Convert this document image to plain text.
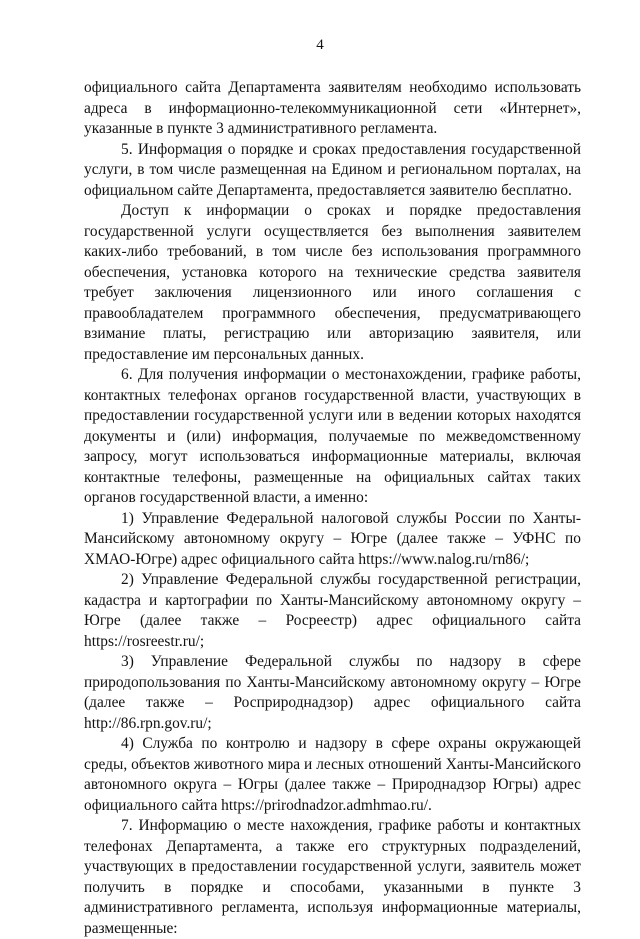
4

официального сайта Департамента заявителям необходимо использовать адреса в информационно-телекоммуникационной сети «Интернет», указанные в пункте 3 административного регламента.

5. Информация о порядке и сроках предоставления государственной услуги, в том числе размещенная на Едином и региональном порталах, на официальном сайте Департамента, предоставляется заявителю бесплатно.

Доступ к информации о сроках и порядке предоставления государственной услуги осуществляется без выполнения заявителем каких-либо требований, в том числе без использования программного обеспечения, установка которого на технические средства заявителя требует заключения лицензионного или иного соглашения с правообладателем программного обеспечения, предусматривающего взимание платы, регистрацию или авторизацию заявителя, или предоставление им персональных данных.

6. Для получения информации о местонахождении, графике работы, контактных телефонах органов государственной власти, участвующих в предоставлении государственной услуги или в ведении которых находятся документы и (или) информация, получаемые по межведомственному запросу, могут использоваться информационные материалы, включая контактные телефоны, размещенные на официальных сайтах таких органов государственной власти, а именно:

1) Управление Федеральной налоговой службы России по Ханты-Мансийскому автономному округу – Югре (далее также – УФНС по ХМАО-Югре) адрес официального сайта https://www.nalog.ru/rn86/;

2) Управление Федеральной службы государственной регистрации, кадастра и картографии по Ханты-Мансийскому автономному округу – Югре (далее также – Росреестр) адрес официального сайта https://rosreestr.ru/;

3) Управление Федеральной службы по надзору в сфере природопользования по Ханты-Мансийскому автономному округу – Югре (далее также – Росприроднадзор) адрес официального сайта http://86.rpn.gov.ru/;

4) Служба по контролю и надзору в сфере охраны окружающей среды, объектов животного мира и лесных отношений Ханты-Мансийского автономного округа – Югры (далее также – Природнадзор Югры) адрес официального сайта https://prirodnadzor.admhmao.ru/.

7. Информацию о месте нахождения, графике работы и контактных телефонах Департамента, а также его структурных подразделений, участвующих в предоставлении государственной услуги, заявитель может получить в порядке и способами, указанными в пункте 3 административного регламента, используя информационные материалы, размещенные:
